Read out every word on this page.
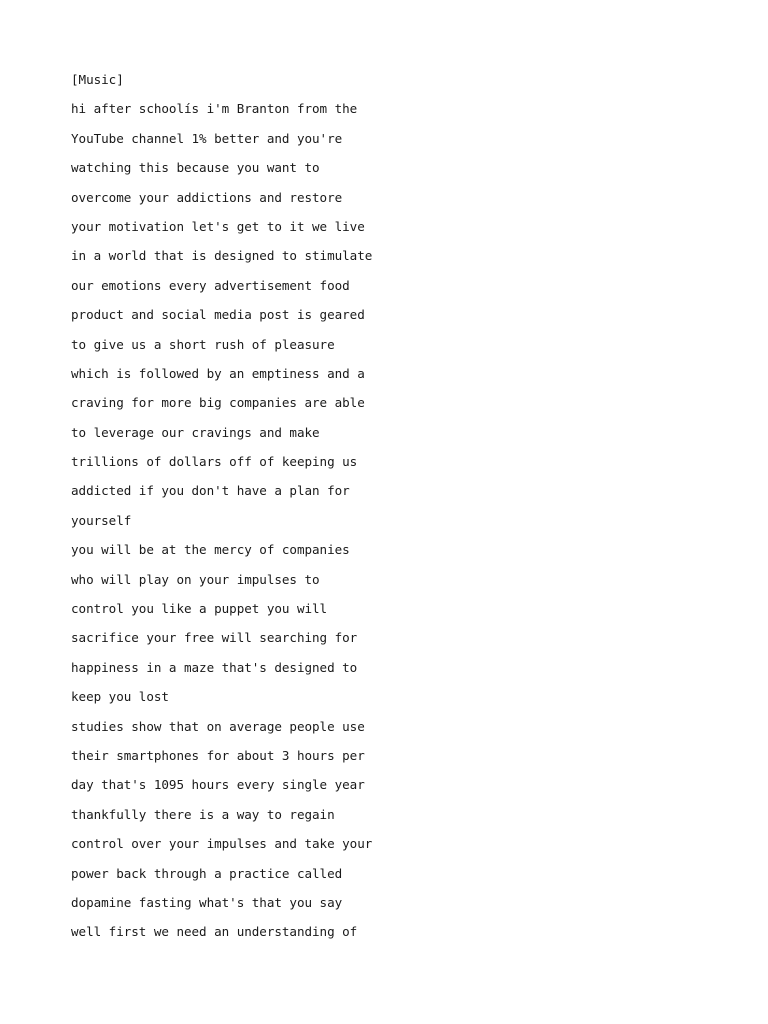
[Music]
hi after schoolís i'm Branton from the
YouTube channel 1% better and you're
watching this because you want to
overcome your addictions and restore
your motivation let's get to it we live
in a world that is designed to stimulate
our emotions every advertisement food
product and social media post is geared
to give us a short rush of pleasure
which is followed by an emptiness and a
craving for more big companies are able
to leverage our cravings and make
trillions of dollars off of keeping us
addicted if you don't have a plan for
yourself
you will be at the mercy of companies
who will play on your impulses to
control you like a puppet you will
sacrifice your free will searching for
happiness in a maze that's designed to
keep you lost
studies show that on average people use
their smartphones for about 3 hours per
day that's 1095 hours every single year
thankfully there is a way to regain
control over your impulses and take your
power back through a practice called
dopamine fasting what's that you say
well first we need an understanding of
